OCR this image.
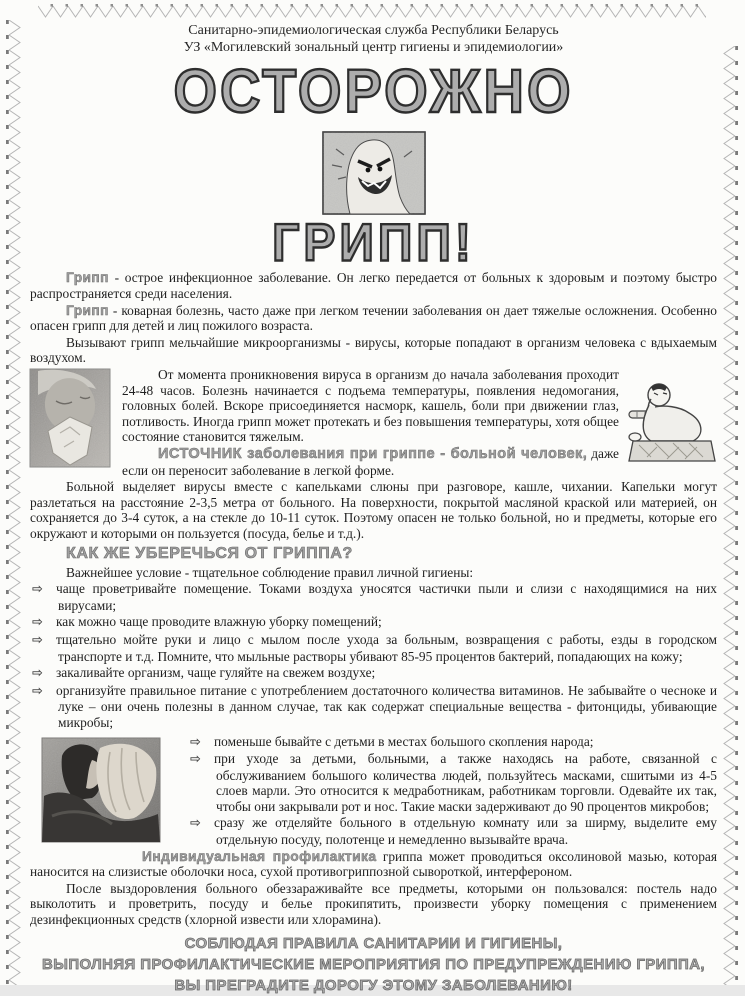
Санитарно-эпидемиологическая служба Республики Беларусь
УЗ «Могилевский зональный центр гигиены и эпидемиологии»
ОСТОРОЖНО
ГРИПП!

Грипп - острое инфекционное заболевание. Он легко передается от больных к здоровым и поэтому быстро распространяется среди населения.

Грипп - коварная болезнь, часто даже при легком течении заболевания он дает тяжелые осложнения. Особенно опасен грипп для детей и лиц пожилого возраста.

Вызывают грипп мельчайшие микроорганизмы - вирусы, которые попадают в организм человека с вдыхаемым воздухом.

От момента проникновения вируса в организм до начала заболевания проходит 24-48 часов. Болезнь начинается с подъема температуры, появления недомогания, головных болей. Вскоре присоединяется насморк, кашель, боли при движении глаз, потливость. Иногда грипп может протекать и без повышения температуры, хотя общее состояние становится тяжелым.

ИСТОЧНИК заболевания при гриппе - больной человек, даже если он переносит заболевание в легкой форме.

Больной выделяет вирусы вместе с капельками слюны при разговоре, кашле, чихании. Капельки могут разлетаться на расстояние 2-3,5 метра от больного. На поверхности, покрытой масляной краской или материей, он сохраняется до 3-4 суток, а на стекле до 10-11 суток. Поэтому опасен не только больной, но и предметы, которые его окружают и которыми он пользуется (посуда, белье и т.д.).

КАК ЖЕ УБЕРЕЧЬСЯ ОТ ГРИППА?

Важнейшее условие - тщательное соблюдение правил личной гигиены:

⇨ чаще проветривайте помещение. Токами воздуха уносятся частички пыли и слизи с находящимися на них вирусами;
⇨ как можно чаще проводите влажную уборку помещений;
⇨ тщательно мойте руки и лицо с мылом после ухода за больным, возвращения с работы, езды в городском транспорте и т.д. Помните, что мыльные растворы убивают 85-95 процентов бактерий, попадающих на кожу;
⇨ закаливайте организм, чаще гуляйте на свежем воздухе;
⇨ организуйте правильное питание с употреблением достаточного количества витаминов. Не забывайте о чесноке и луке – они очень полезны в данном случае, так как содержат специальные вещества - фитонциды, убивающие микробы;
⇨ поменьше бывайте с детьми в местах большого скопления народа;
⇨ при уходе за детьми, больными, а также находясь на работе, связанной с обслуживанием большого количества людей, пользуйтесь масками, сшитыми из 4-5 слоев марли. Это относится к медработникам, работникам торговли. Одевайте их так, чтобы они закрывали рот и нос. Такие маски задерживают до 90 процентов микробов;
⇨ сразу же отделяйте больного в отдельную комнату или за ширму, выделите ему отдельную посуду, полотенце и немедленно вызывайте врача.

Индивидуальная профилактика гриппа может проводиться оксолиновой мазью, которая наносится на слизистые оболочки носа, сухой противогриппозной сывороткой, интерфероном.

После выздоровления больного обеззараживайте все предметы, которыми он пользовался: постель надо выколотить и проветрить, посуду и белье прокипятить, произвести уборку помещения с применением дезинфекционных средств (хлорной извести или хлорамина).

СОБЛЮДАЯ ПРАВИЛА САНИТАРИИ И ГИГИЕНЫ,
ВЫПОЛНЯЯ ПРОФИЛАКТИЧЕСКИЕ МЕРОПРИЯТИЯ ПО ПРЕДУПРЕЖДЕНИЮ ГРИППА,
ВЫ ПРЕГРАДИТЕ ДОРОГУ ЭТОМУ ЗАБОЛЕВАНИЮ!
